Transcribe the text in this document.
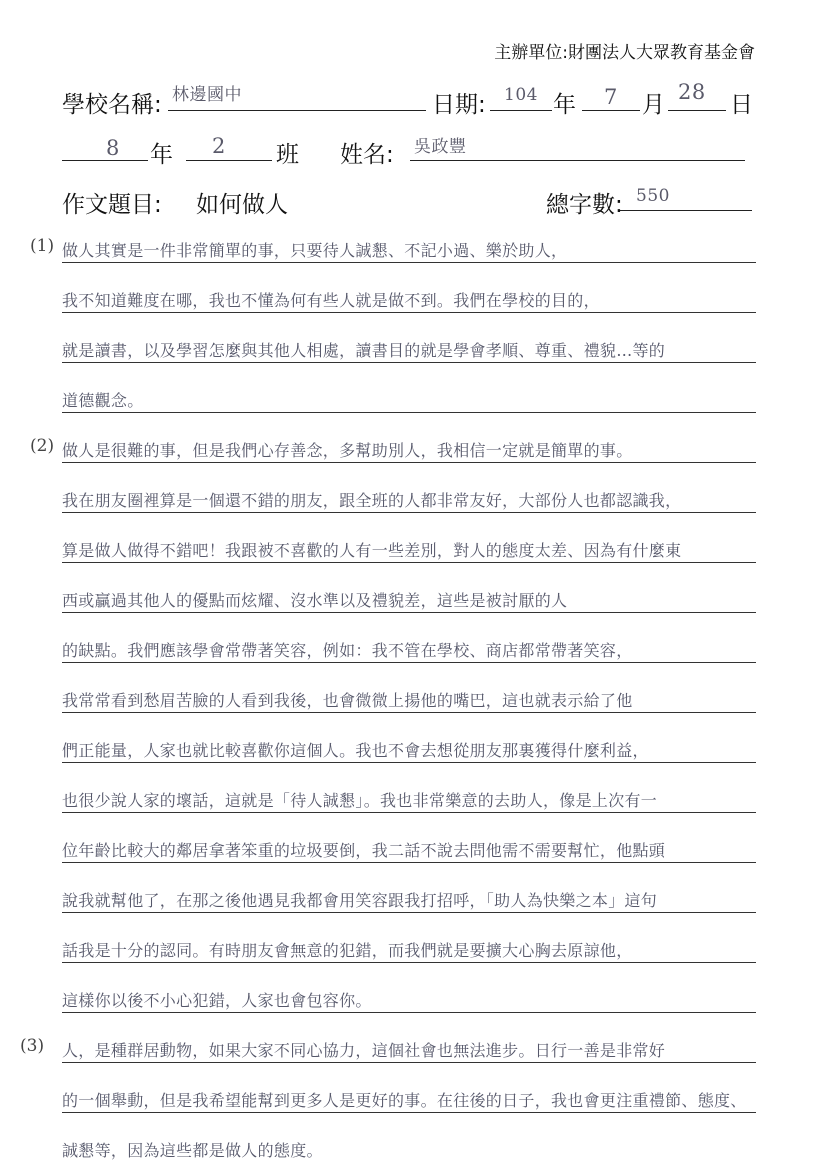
主辦單位:財團法人大眾教育基金會
學校名稱: 林邊國中	日期: 104 年 7 月 28 日
8 年 2 班 姓名: 吳政豐
作文題目: 如何做人	總字數: 550
(1)
(2)
(3)
做人其實是一件非常簡單的事，只要待人誠懇、不記小過、樂於助人，
我不知道難度在哪，我也不懂為何有些人就是做不到。我們在學校的目的，
就是讀書，以及學習怎麼與其他人相處，讀書目的就是學會孝順、尊重、禮貌…等的
道德觀念。
做人是很難的事，但是我們心存善念，多幫助別人，我相信一定就是簡單的事。
我在朋友圈裡算是一個還不錯的朋友，跟全班的人都非常友好，大部份人也都認識我，
算是做人做得不錯吧！我跟被不喜歡的人有一些差別，對人的態度太差、因為有什麼東
西或贏過其他人的優點而炫耀、沒水準以及禮貌差，這些是被討厭的人
的缺點。我們應該學會常帶著笑容，例如：我不管在學校、商店都常帶著笑容，
我常常看到愁眉苦臉的人看到我後，也會微微上揚他的嘴巴，這也就表示給了他
們正能量，人家也就比較喜歡你這個人。我也不會去想從朋友那裏獲得什麼利益，
也很少說人家的壞話，這就是「待人誠懇」。我也非常樂意的去助人，像是上次有一
位年齡比較大的鄰居拿著笨重的垃圾要倒，我二話不說去問他需不需要幫忙，他點頭
說我就幫他了，在那之後他遇見我都會用笑容跟我打招呼，「助人為快樂之本」這句
話我是十分的認同。有時朋友會無意的犯錯，而我們就是要擴大心胸去原諒他，
這樣你以後不小心犯錯，人家也會包容你。
人，是種群居動物，如果大家不同心協力，這個社會也無法進步。日行一善是非常好
的一個舉動，但是我希望能幫到更多人是更好的事。在往後的日子，我也會更注重禮節、態度、
誠懇等，因為這些都是做人的態度。
